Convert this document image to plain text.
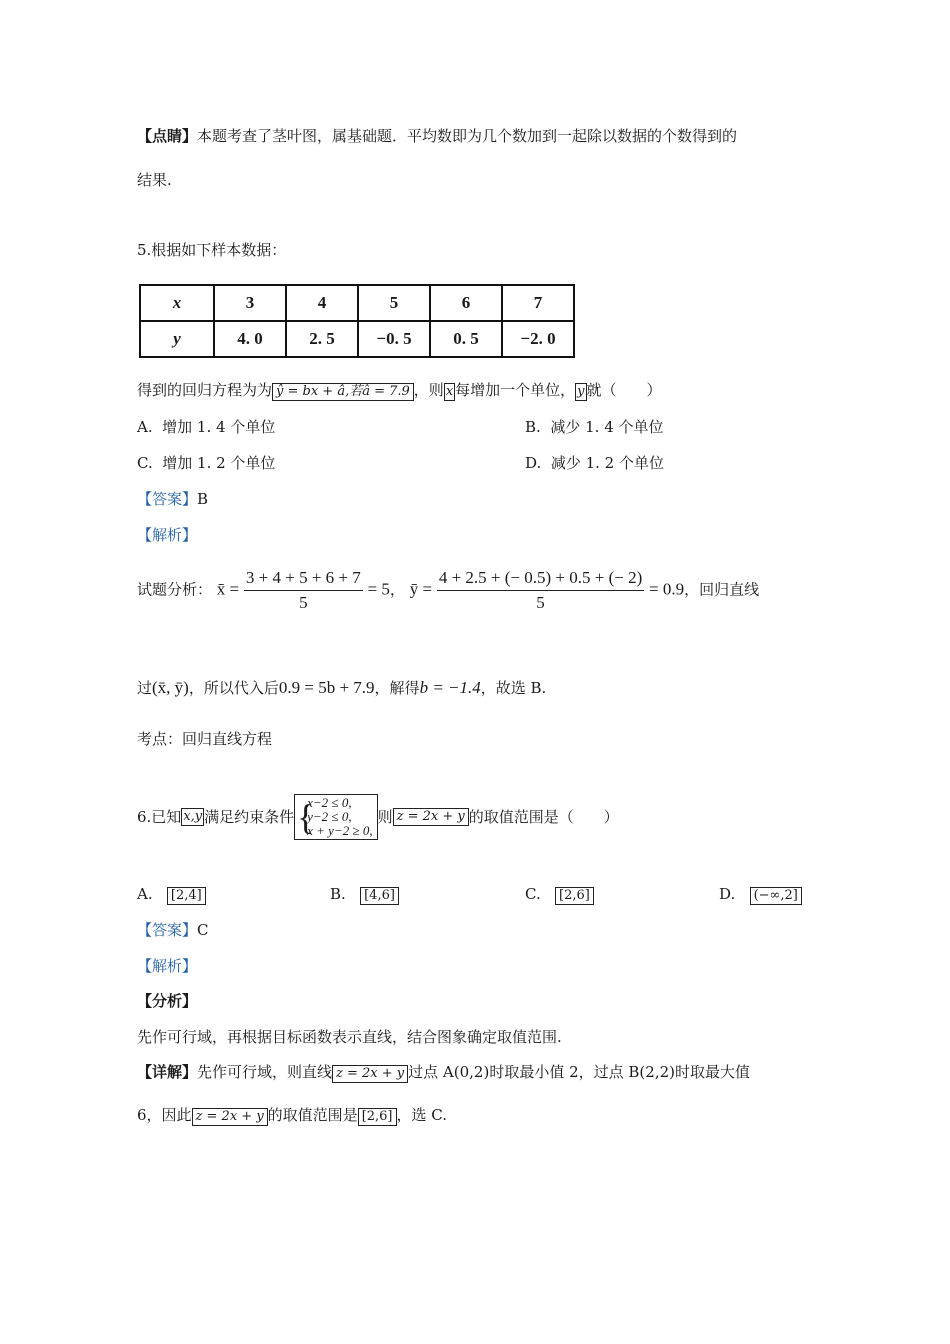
【点睛】本题考查了茎叶图，属基础题．平均数即为几个数加到一起除以数据的个数得到的
结果.
5.根据如下样本数据：
x	3	4	5	6	7
y	4. 0	2. 5	−0. 5	0. 5	−2. 0
得到的回归方程为为 ŷ = bx + â,若â = 7.9 ，则 x 每增加一个单位， y 就（　　）
A. 增加 1. 4 个单位	B. 减少 1. 4 个单位
C. 增加 1. 2 个单位	D. 减少 1. 2 个单位
【答案】B
【解析】
试题分析： x̄ = $\frac{3 + 4 + 5 + 6 + 7}{5} = 5$， ȳ = $\frac{4 + 2.5 + (- 0.5) + 0.5 + (- 2)}{5} = 0.9$，回归直线
过(x̄, ȳ)，所以代入后0.9 = 5b + 7.9，解得b = −1.4，故选 B.
考点：回归直线方程
6.已知 x,y 满足约束条件 {
x−2 ≤ 0,
y−2 ≤ 0,
x + y−2 ≥ 0,
则 z = 2x + y 的取值范围是（　　）
A. [2,4]	B. [4,6]	C. [2,6]	D. (−∞,2]
【答案】C
【解析】
【分析】
先作可行域，再根据目标函数表示直线，结合图象确定取值范围.
【详解】先作可行域，则直线 z = 2x + y 过点 A(0,2)时取最小值 2，过点 B(2,2)时取最大值
6，因此 z = 2x + y 的取值范围是 [2,6] ，选 C.
